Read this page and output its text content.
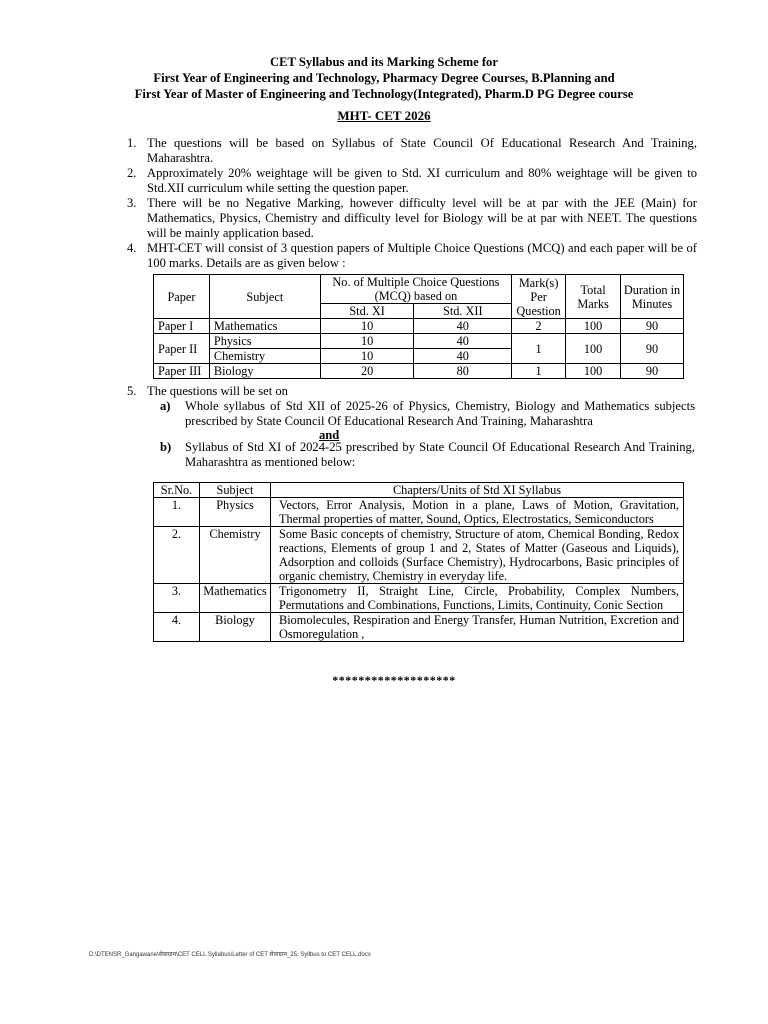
CET Syllabus and its Marking Scheme for
First Year of Engineering and Technology, Pharmacy Degree Courses, B.Planning and
First Year of Master of Engineering and Technology(Integrated), Pharm.D PG Degree course
MHT- CET 2026
1. The questions will be based on Syllabus of State Council Of Educational Research And Training, Maharashtra.
2. Approximately 20% weightage will be given to Std. XI curriculum and 80% weightage will be given to Std.XII curriculum while setting the question paper.
3. There will be no Negative Marking, however difficulty level will be at par with the JEE (Main) for Mathematics, Physics, Chemistry and difficulty level for Biology will be at par with NEET. The questions will be mainly application based.
4. MHT-CET will consist of 3 question papers of Multiple Choice Questions (MCQ) and each paper will be of 100 marks. Details are as given below :
Paper	Subject	No. of Multiple Choice Questions (MCQ) based on		Mark(s) Per Question	Total Marks	Duration in Minutes
		Std. XI	Std. XII			
Paper I	Mathematics	10	40	2	100	90
Paper II	Physics	10	40	1	100	90
	Chemistry	10	40			
Paper III	Biology	20	80	1	100	90
5. The questions will be set on
a)	Whole syllabus of Std XII of 2025-26 of Physics, Chemistry, Biology and Mathematics subjects prescribed by State Council Of Educational Research And Training, Maharashtra
and
b)	Syllabus of Std XI of 2024-25 prescribed by State Council Of Educational Research And Training, Maharashtra as mentioned below:
Sr.No.	Subject	Chapters/Units of Std XI Syllabus
1.	Physics	Vectors, Error Analysis, Motion in a plane, Laws of Motion, Gravitation, Thermal properties of matter, Sound, Optics, Electrostatics, Semiconductors
2.	Chemistry	Some Basic concepts of chemistry, Structure of atom, Chemical Bonding, Redox reactions, Elements of group 1 and 2, States of Matter (Gaseous and Liquids), Adsorption and colloids (Surface Chemistry), Hydrocarbons, Basic principles of organic chemistry, Chemistry in everyday life.
3.	Mathematics	Trigonometry II, Straight Line, Circle, Probability, Complex Numbers, Permutations and Combinations, Functions, Limits, Continuity, Conic Section
4.	Biology	Biomolecules, Respiration and Energy Transfer, Human Nutrition, Excretion and Osmoregulation ,
*******************
D:\DTENSR_Gangawane\सेवाग्राम\CET CELL Syllabus\Letter of CET सेवाग्राम_25, Syllbus to CET CELL.docx
